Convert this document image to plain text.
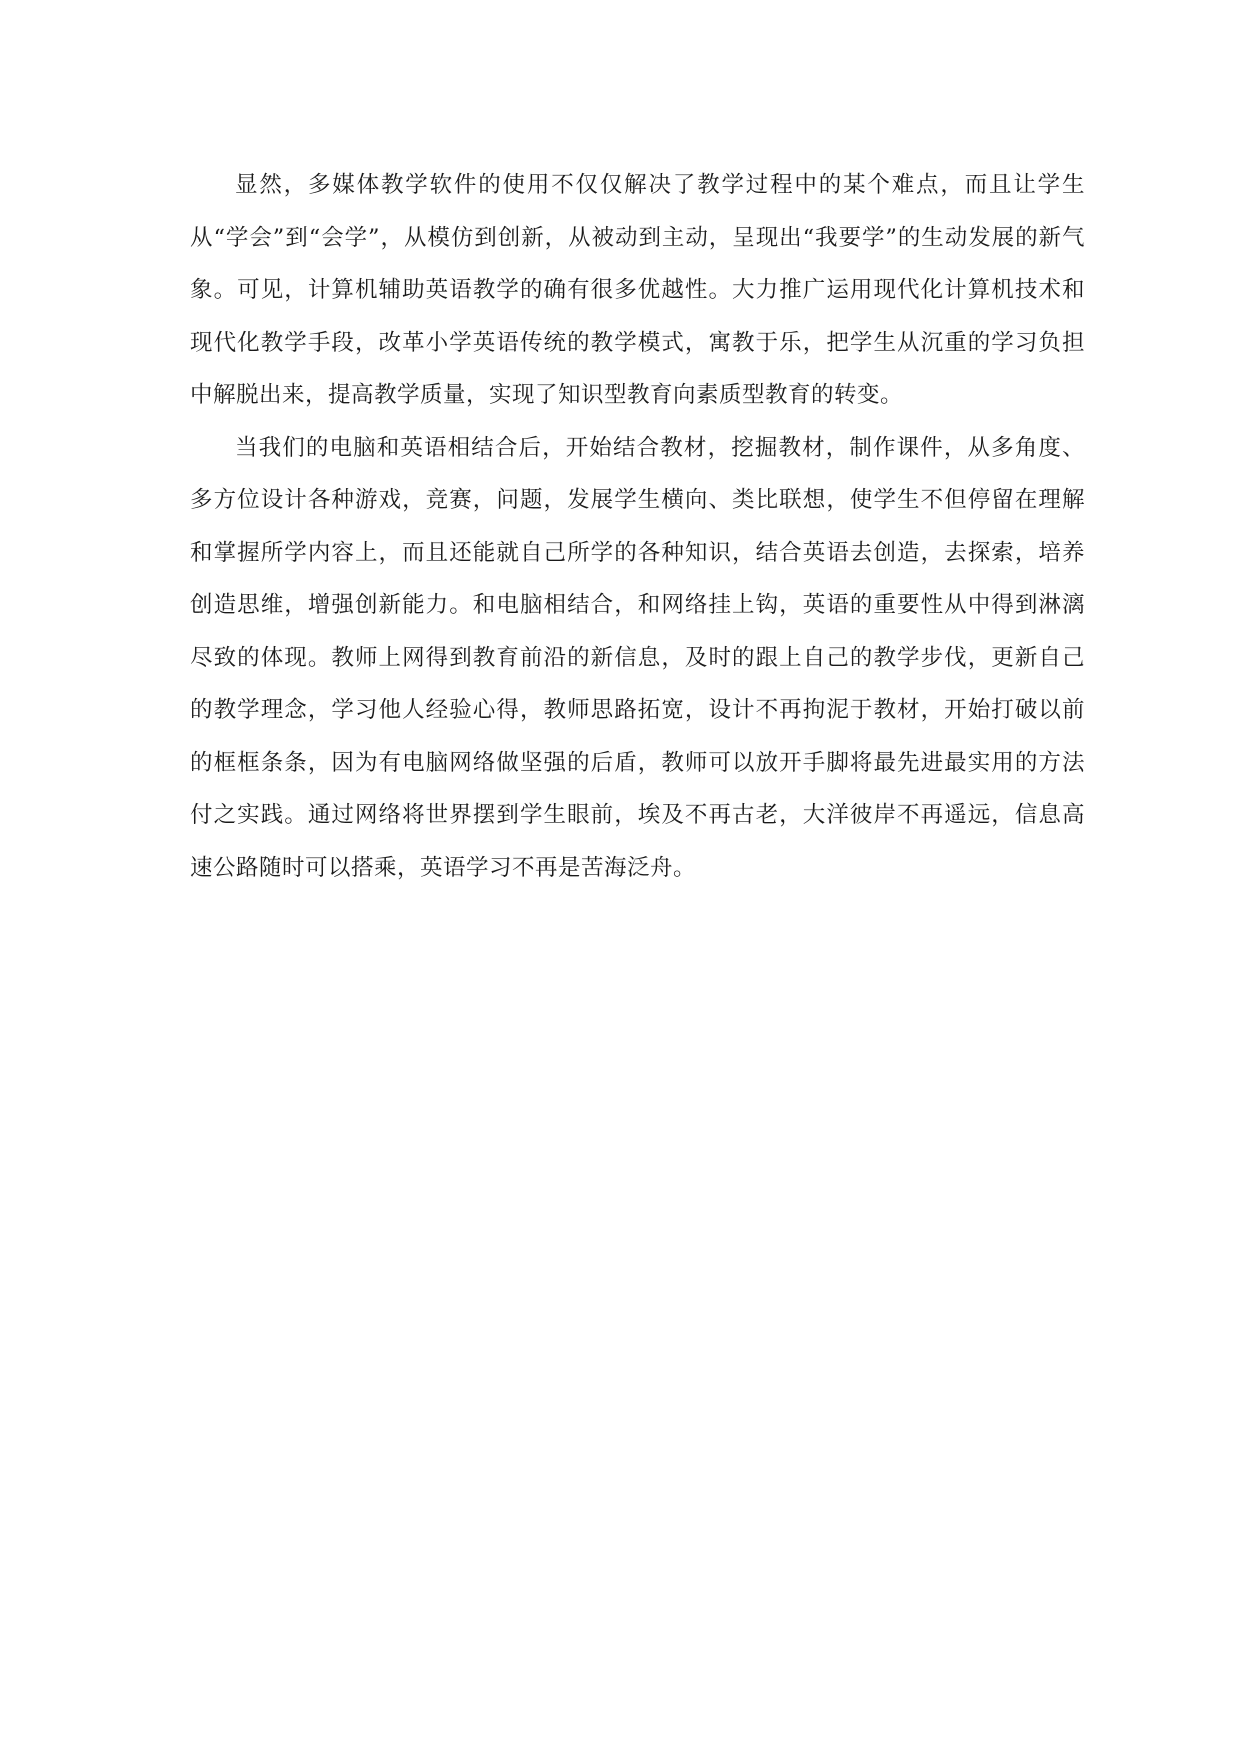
显然，多媒体教学软件的使用不仅仅解决了教学过程中的某个难点，而且让学生从“学会”到“会学”，从模仿到创新，从被动到主动，呈现出“我要学”的生动发展的新气象。可见，计算机辅助英语教学的确有很多优越性。大力推广运用现代化计算机技术和现代化教学手段，改革小学英语传统的教学模式，寓教于乐，把学生从沉重的学习负担中解脱出来，提高教学质量，实现了知识型教育向素质型教育的转变。

当我们的电脑和英语相结合后，开始结合教材，挖掘教材，制作课件，从多角度、多方位设计各种游戏，竞赛，问题，发展学生横向、类比联想，使学生不但停留在理解和掌握所学内容上，而且还能就自己所学的各种知识，结合英语去创造，去探索，培养创造思维，增强创新能力。和电脑相结合，和网络挂上钩，英语的重要性从中得到淋漓尽致的体现。教师上网得到教育前沿的新信息，及时的跟上自己的教学步伐，更新自己的教学理念，学习他人经验心得，教师思路拓宽，设计不再拘泥于教材，开始打破以前的框框条条，因为有电脑网络做坚强的后盾，教师可以放开手脚将最先进最实用的方法付之实践。通过网络将世界摆到学生眼前，埃及不再古老，大洋彼岸不再遥远，信息高速公路随时可以搭乘，英语学习不再是苦海泛舟。
